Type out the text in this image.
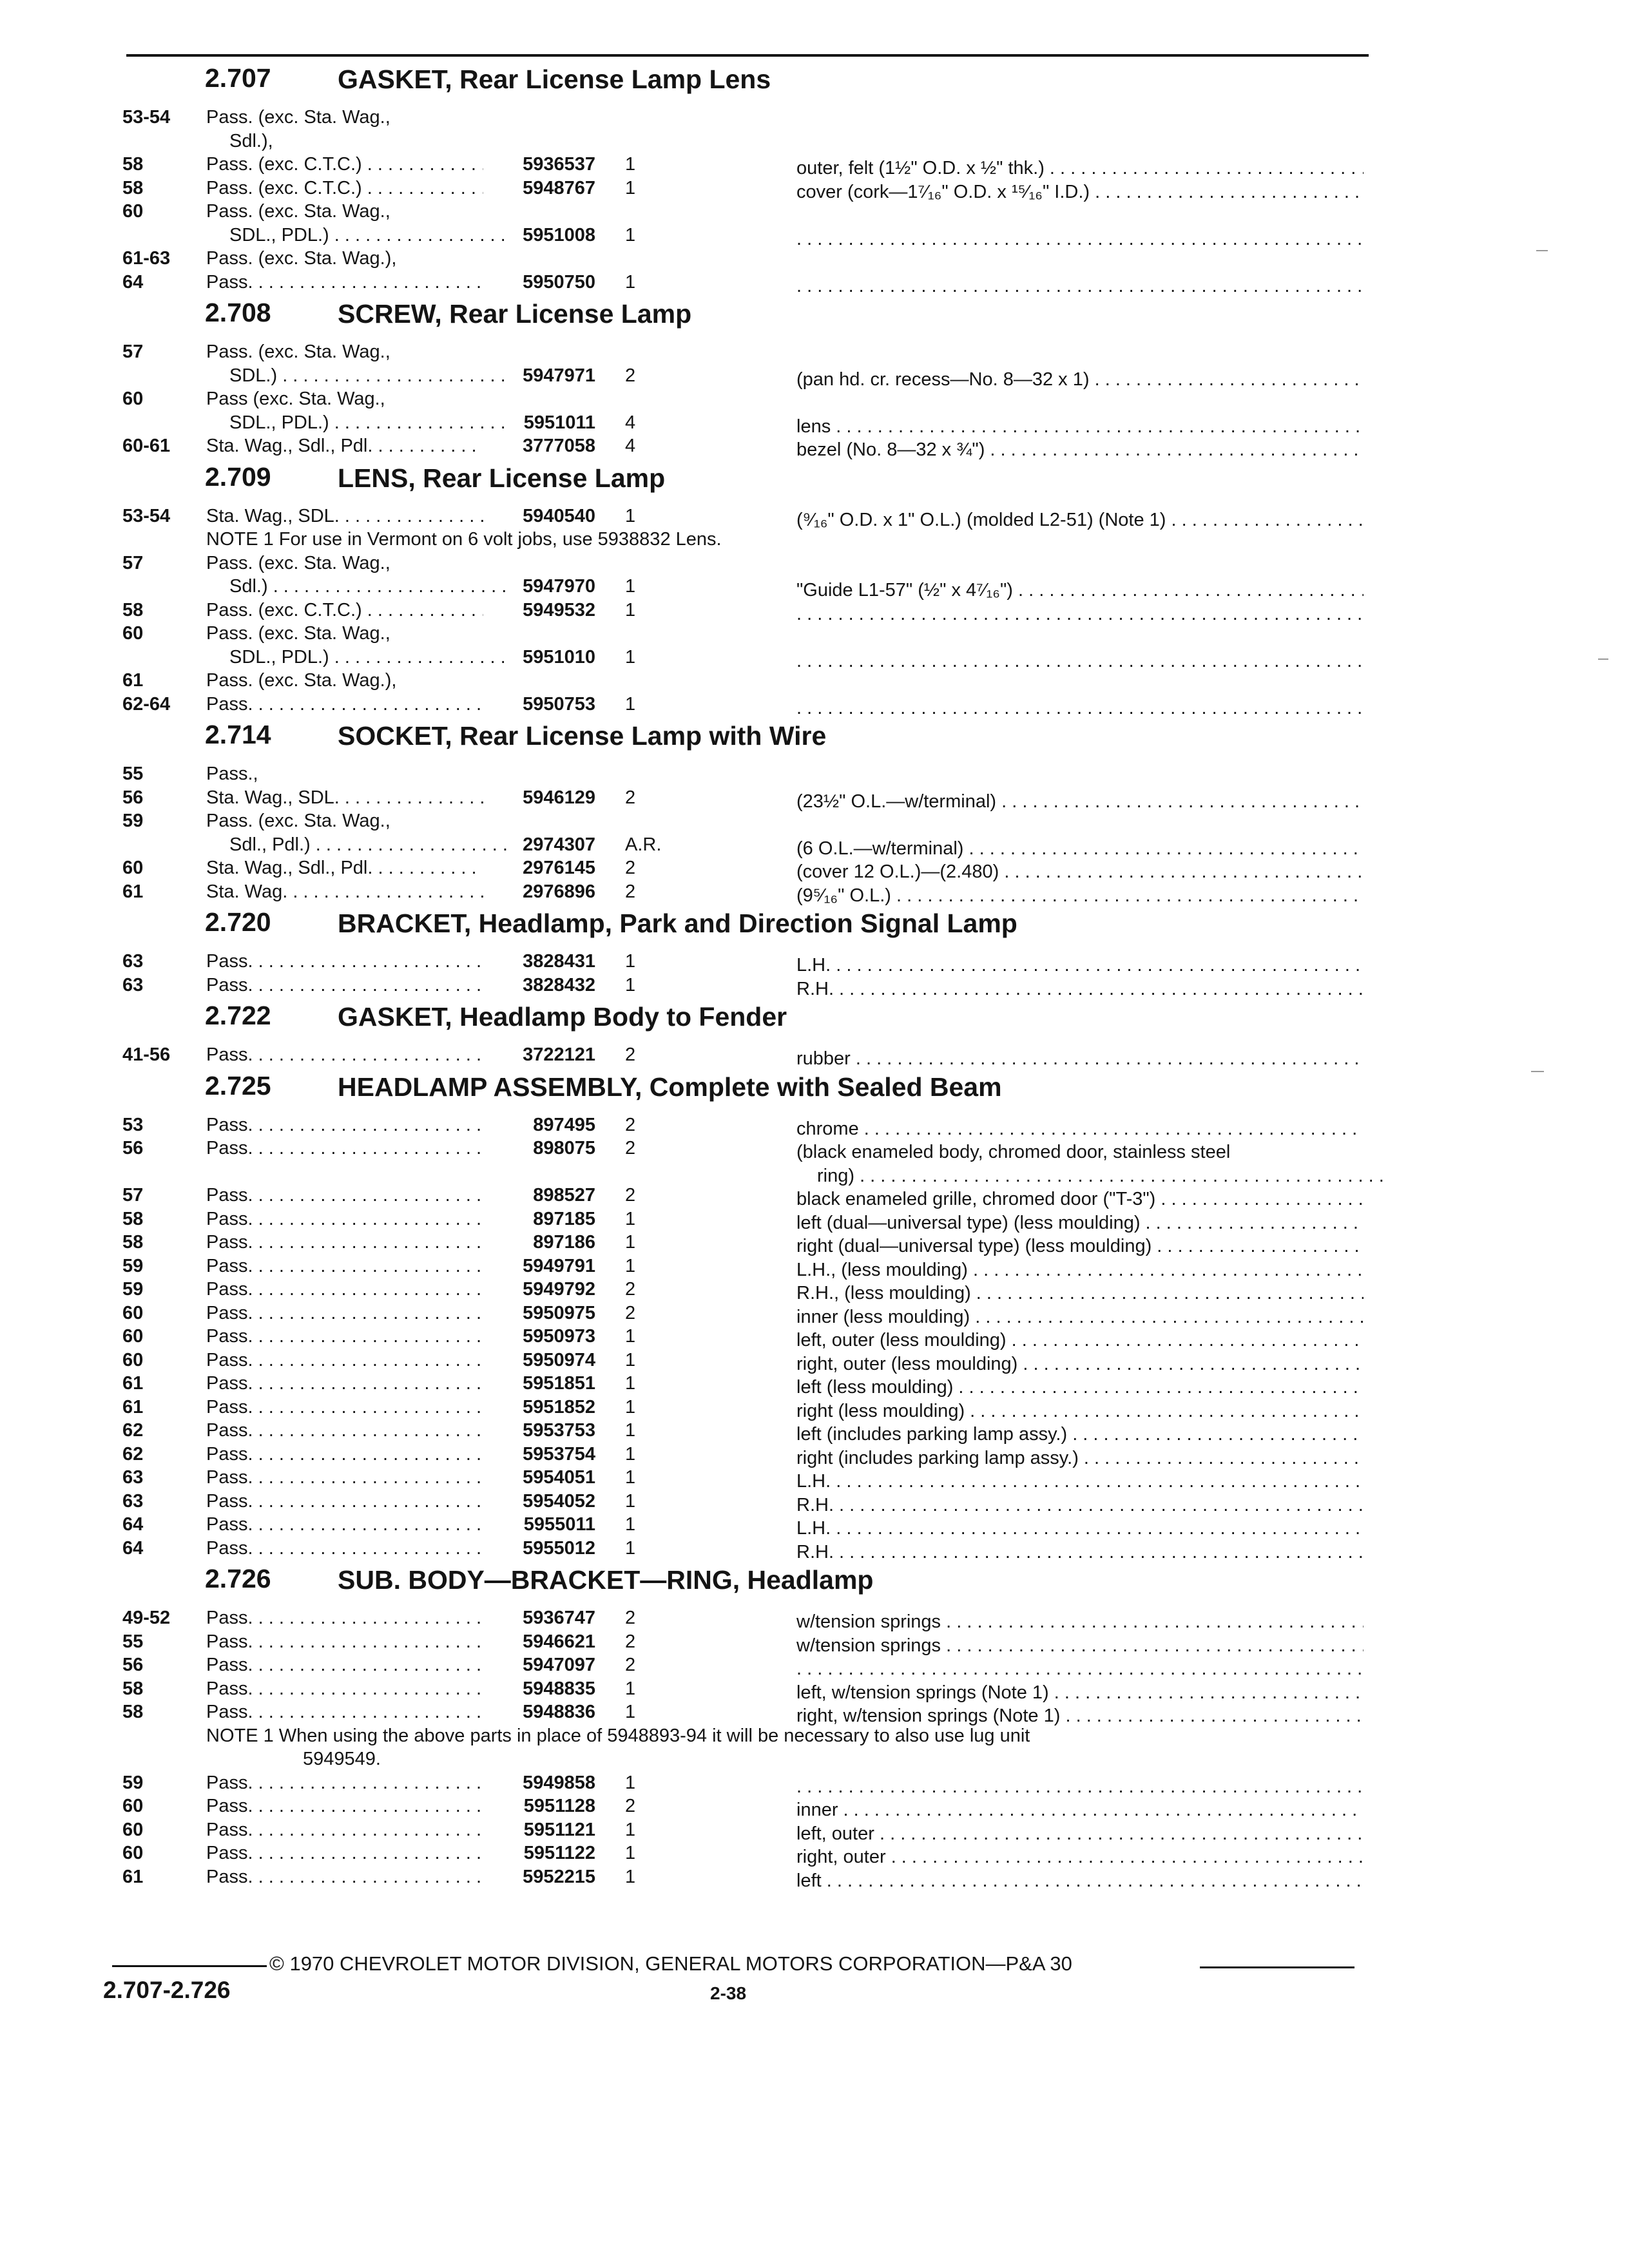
2.707	GASKET, Rear License Lamp Lens
53-54 Pass. (exc. Sta. Wag.,
Sdl.),
58	Pass. (exc. C.T.C.) . . .	5936537 1	outer, felt (1½" O.D. x ½" thk.) . . .
58	Pass. (exc. C.T.C.) . . .	5948767 1	cover (cork—1⁷⁄₁₆" O.D. x ¹⁵⁄₁₆" I.D.) . . .
60	Pass. (exc. Sta. Wag.,
SDL., PDL.) . . .	5951008 1
. . .
61-63 Pass. (exc. Sta. Wag.),
64	Pass. . . .	5950750 1
. . .
2.708	SCREW, Rear License Lamp
57	Pass. (exc. Sta. Wag.,
SDL.) . . .	5947971 2	(pan hd. cr. recess—No. 8—32 x 1) . . .
60	Pass (exc. Sta. Wag.,
SDL., PDL.) . . .	5951011 4	lens . . .
60-61 Sta. Wag., Sdl., Pdl. . . .	3777058 4	bezel (No. 8—32 x ¾") . . .
2.709	LENS, Rear License Lamp
53-54 Sta. Wag., SDL. . . .	5940540 1	(⁹⁄₁₆" O.D. x 1" O.L.) (molded L2-51) (Note 1) . . .
NOTE 1 For use in Vermont on 6 volt jobs, use 5938832 Lens.
57	Pass. (exc. Sta. Wag.,
Sdl.) . . .	5947970 1	"Guide L1-57" (½" x 4⁷⁄₁₆") . . .
58	Pass. (exc. C.T.C.) . . .	5949532 1
. . .
60	Pass. (exc. Sta. Wag.,
SDL., PDL.) . . .	5951010 1
. . .
61	Pass. (exc. Sta. Wag.),
62-64 Pass. . . .	5950753 1
. . .
2.714	SOCKET, Rear License Lamp with Wire
55	Pass.,
56	Sta. Wag., SDL. . . .	5946129 2	(23½" O.L.—w/terminal) . . .
59	Pass. (exc. Sta. Wag.,
Sdl., Pdl.) . . .	2974307 A.R.	(6 O.L.—w/terminal) . . .
60	Sta. Wag., Sdl., Pdl. . . .	2976145 2	(cover 12 O.L.)—(2.480) . . .
61	Sta. Wag. . . .	2976896 2	(9⁵⁄₁₆" O.L.) . . .
2.720	BRACKET, Headlamp, Park and Direction Signal Lamp
63	Pass. . . .	3828431 1	L.H. . . .
63	Pass. . . .	3828432 1	R.H. . . .
2.722	GASKET, Headlamp Body to Fender
41-56 Pass. . . .	3722121 2	rubber . . .
2.725	HEADLAMP ASSEMBLY, Complete with Sealed Beam
53	Pass. . . .	897495 2	chrome . . .
56	Pass. . . .	898075 2	(black enameled body, chromed door, stainless steel
ring) . . .
57	Pass. . . .	898527 2	black enameled grille, chromed door ("T-3") . . .
58	Pass. . . .	897185 1	left (dual—universal type) (less moulding) . . .
58	Pass. . . .	897186 1	right (dual—universal type) (less moulding) . . .
59	Pass. . . .	5949791 1	L.H., (less moulding) . . .
59	Pass. . . .	5949792 2	R.H., (less moulding) . . .
60	Pass. . . .	5950975 2	inner (less moulding) . . .
60	Pass. . . .	5950973 1	left, outer (less moulding) . . .
60	Pass. . . .	5950974 1	right, outer (less moulding) . . .
61	Pass. . . .	5951851 1	left (less moulding) . . .
61	Pass. . . .	5951852 1	right (less moulding) . . .
62	Pass. . . .	5953753 1	left (includes parking lamp assy.) . . .
62	Pass. . . .	5953754 1	right (includes parking lamp assy.) . . .
63	Pass. . . .	5954051 1	L.H. . . .
63	Pass. . . .	5954052 1	R.H. . . .
64	Pass. . . .	5955011 1	L.H. . . .
64	Pass. . . .	5955012 1	R.H. . . .
2.726	SUB. BODY—BRACKET—RING, Headlamp
49-52 Pass. . . .	5936747 2	w/tension springs . . .
55	Pass. . . .	5946621 2	w/tension springs . . .
56	Pass. . . .	5947097 2
. . .
58	Pass. . . .	5948835 1	left, w/tension springs (Note 1) . . .
58	Pass. . . .	5948836 1	right, w/tension springs (Note 1) . . .
NOTE 1 When using the above parts in place of 5948893-94 it will be necessary to also use lug unit
5949549.
59	Pass. . . .	5949858 1
. . .
60	Pass. . . .	5951128 2	inner . . .
60	Pass. . . .	5951121 1	left, outer . . .
60	Pass. . . .	5951122 1	right, outer . . .
61	Pass. . . .	5952215 1	left . . .
© 1970 CHEVROLET MOTOR DIVISION, GENERAL MOTORS CORPORATION—P&A 30
2.707-2.726	2-38
